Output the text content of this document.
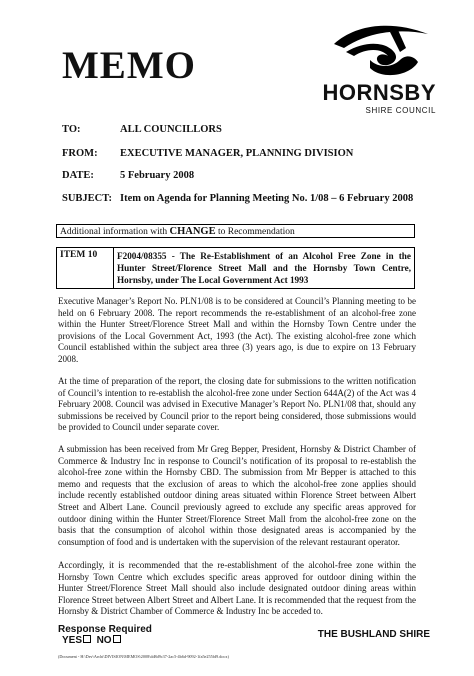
MEMO
HORNSBY
SHIRE COUNCIL
TO:	ALL COUNCILLORS
FROM: EXECUTIVE MANAGER, PLANNING DIVISION
DATE: 5 February 2008
SUBJECT: Item on Agenda for Planning Meeting No. 1/08 – 6 February 2008
Additional information with CHANGE to Recommendation
ITEM 10	F2004/08355 - The Re-Establishment of an Alcohol Free Zone in the Hunter Street/Florence Street Mall and the Hornsby Town Centre, Hornsby, under The Local Government Act 1993

Executive Manager’s Report No. PLN1/08 is to be considered at Council’s Planning meeting to be held on 6 February 2008. The report recommends the re-establishment of an alcohol-free zone within the Hunter Street/Florence Street Mall and within the Hornsby Town Centre under the provisions of the Local Government Act, 1993 (the Act). The existing alcohol-free zone which Council established within the subject area three (3) years ago, is due to expire on 13 February 2008.

At the time of preparation of the report, the closing date for submissions to the written notification of Council’s intention to re-establish the alcohol-free zone under Section 644A(2) of the Act was 4 February 2008. Council was advised in Executive Manager’s Report No. PLN1/08 that, should any submissions be received by Council prior to the report being considered, those submissions would be provided to Council under separate cover.

A submission has been received from Mr Greg Bepper, President, Hornsby & District Chamber of Commerce & Industry Inc in response to Council’s notification of its proposal to re-establish the alcohol-free zone within the Hornsby CBD. The submission from Mr Bepper is attached to this memo and requests that the exclusion of areas to which the alcohol-free zone applies should include recently established outdoor dining areas situated within Florence Street between Albert Street and Albert Lane. Council previously agreed to exclude any specific areas approved for outdoor dining within the Hunter Street/Florence Street Mall from the alcohol-free zone on the basis that the consumption of alcohol within those designated areas is accompanied by the consumption of food and is undertaken with the supervision of the relevant restaurant operator.

Accordingly, it is recommended that the re-establishment of the alcohol-free zone within the Hornsby Town Centre which excludes specific areas approved for outdoor dining within the Hunter Street/Florence Street Mall should also include designated outdoor dining areas within Florence Street between Albert Street and Albert Lane. It is recommended that the request from the Hornsby & District Chamber of Commerce & Industry Inc be acceded to.

Response Required
YES NO
THE BUSHLAND SHIRE
(Document - H:\Dev\Archi\DIVISION\MEMOS\2008\dd8d9c37-2ac5-4b6d-9092-1fa5e255fd9.docx)
